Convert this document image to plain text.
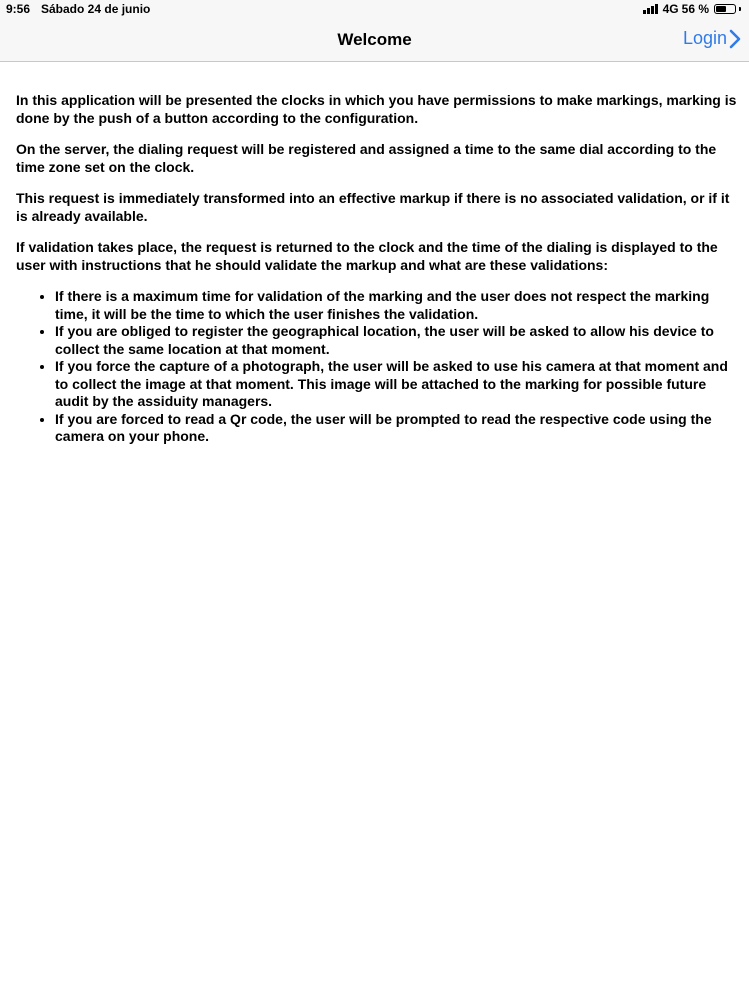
9:56 Sábado 24 de junio	4G 56 %
Welcome	Login

In this application will be presented the clocks in which you have permissions to make markings, marking is done by the push of a button according to the configuration.

On the server, the dialing request will be registered and assigned a time to the same dial according to the time zone set on the clock.

This request is immediately transformed into an effective markup if there is no associated validation, or if it is already available.

If validation takes place, the request is returned to the clock and the time of the dialing is displayed to the user with instructions that he should validate the markup and what are these validations:

• If there is a maximum time for validation of the marking and the user does not respect the marking time, it will be the time to which the user finishes the validation.
• If you are obliged to register the geographical location, the user will be asked to allow his device to collect the same location at that moment.
• If you force the capture of a photograph, the user will be asked to use his camera at that moment and to collect the image at that moment. This image will be attached to the marking for possible future audit by the assiduity managers.
• If you are forced to read a Qr code, the user will be prompted to read the respective code using the camera on your phone.
